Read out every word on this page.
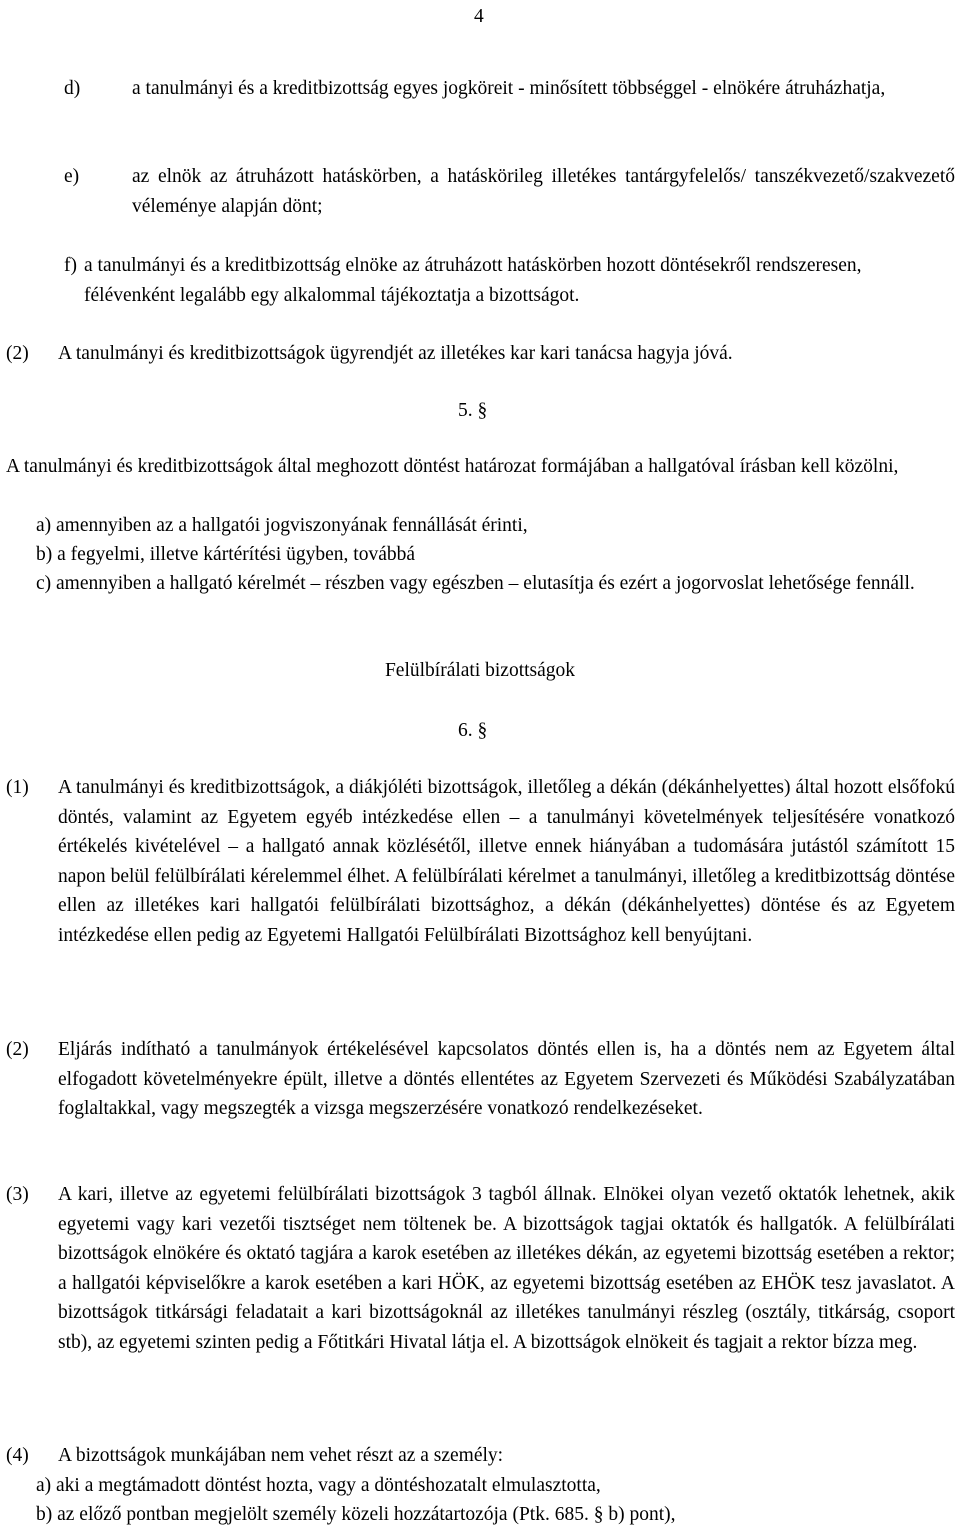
4
d)	a tanulmányi és a kreditbizottság egyes jogköreit - minősített többséggel - elnökére átruházhatja,
e)	az elnök az átruházott hatáskörben, a hatáskörileg illetékes tantárgyfelelős/ tanszékvezető/szakvezető véleménye alapján dönt;
f) a tanulmányi és a kreditbizottság elnöke az átruházott hatáskörben hozott döntésekről rendszeresen, félévenként legalább egy alkalommal tájékoztatja a bizottságot.
(2) A tanulmányi és kreditbizottságok ügyrendjét az illetékes kar kari tanácsa hagyja jóvá.
5. §
A tanulmányi és kreditbizottságok által meghozott döntést határozat formájában a hallgatóval írásban kell közölni,
a) amennyiben az a hallgatói jogviszonyának fennállását érinti,
b) a fegyelmi, illetve kártérítési ügyben, továbbá
c) amennyiben a hallgató kérelmét – részben vagy egészben – elutasítja és ezért a jogorvoslat lehetősége fennáll.
Felülbírálati bizottságok
6. §
(1) A tanulmányi és kreditbizottságok, a diákjóléti bizottságok, illetőleg a dékán (dékánhelyettes) által hozott elsőfokú döntés, valamint az Egyetem egyéb intézkedése ellen – a tanulmányi követelmények teljesítésére vonatkozó értékelés kivételével – a hallgató annak közlésétől, illetve ennek hiányában a tudomására jutástól számított 15 napon belül felülbírálati kérelemmel élhet. A felülbírálati kérelmet a tanulmányi, illetőleg a kreditbizottság döntése ellen az illetékes kari hallgatói felülbírálati bizottsághoz, a dékán (dékánhelyettes) döntése és az Egyetem intézkedése ellen pedig az Egyetemi Hallgatói Felülbírálati Bizottsághoz kell benyújtani.
(2) Eljárás indítható a tanulmányok értékelésével kapcsolatos döntés ellen is, ha a döntés nem az Egyetem által elfogadott követelményekre épült, illetve a döntés ellentétes az Egyetem Szervezeti és Működési Szabályzatában foglaltakkal, vagy megszegték a vizsga megszerzésére vonatkozó rendelkezéseket.
(3) A kari, illetve az egyetemi felülbírálati bizottságok 3 tagból állnak. Elnökei olyan vezető oktatók lehetnek, akik egyetemi vagy kari vezetői tisztséget nem töltenek be. A bizottságok tagjai oktatók és hallgatók. A felülbírálati bizottságok elnökére és oktató tagjára a karok esetében az illetékes dékán, az egyetemi bizottság esetében a rektor; a hallgatói képviselőkre a karok esetében a kari HÖK, az egyetemi bizottság esetében az EHÖK tesz javaslatot. A bizottságok titkársági feladatait a kari bizottságoknál az illetékes tanulmányi részleg (osztály, titkárság, csoport stb), az egyetemi szinten pedig a Főtitkári Hivatal látja el. A bizottságok elnökeit és tagjait a rektor bízza meg.
(4) A bizottságok munkájában nem vehet részt az a személy:
a) aki a megtámadott döntést hozta, vagy a döntéshozatalt elmulasztotta,
b) az előző pontban megjelölt személy közeli hozzátartozója (Ptk. 685. § b) pont),
